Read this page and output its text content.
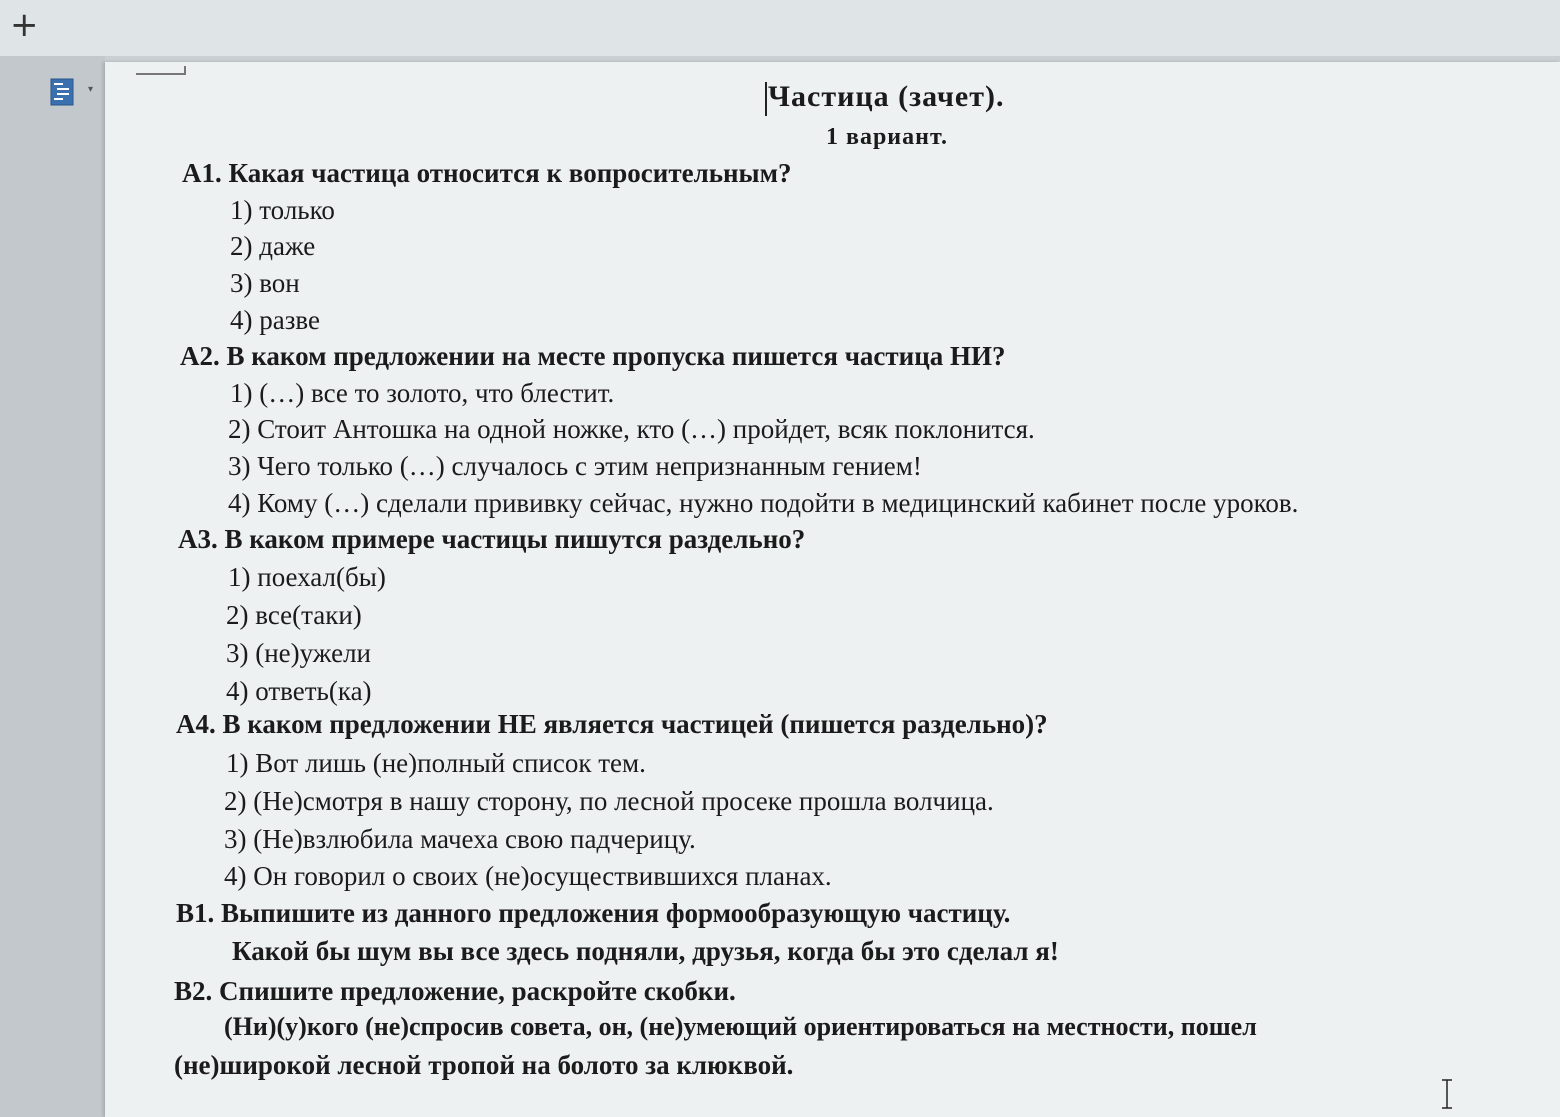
+
▾	Частица (зачет).
1 вариант.
А1. Какая частица относится к вопросительным?
1) только
2) даже
3) вон
4) разве
А2. В каком предложении на месте пропуска пишется частица НИ?
1) (…) все то золото, что блестит.
2) Стоит Антошка на одной ножке, кто (…) пройдет, всяк поклонится.
3) Чего только (…) случалось с этим непризнанным гением!
4) Кому (…) сделали прививку сейчас, нужно подойти в медицинский кабинет после уроков.
А3. В каком примере частицы пишутся раздельно?
1) поехал(бы)
2) все(таки)
3) (не)ужели
4) ответь(ка)
А4. В каком предложении НЕ является частицей (пишется раздельно)?
1) Вот лишь (не)полный список тем.
2) (Не)смотря в нашу сторону, по лесной просеке прошла волчица.
3) (Не)взлюбила мачеха свою падчерицу.
4) Он говорил о своих (не)осуществившихся планах.
В1. Выпишите из данного предложения формообразующую частицу.
Какой бы шум вы все здесь подняли, друзья, когда бы это сделал я!
В2. Спишите предложение, раскройте скобки.
(Ни)(у)кого (не)спросив совета, он, (не)умеющий ориентироваться на местности, пошел
(не)широкой лесной тропой на болото за клюквой.
